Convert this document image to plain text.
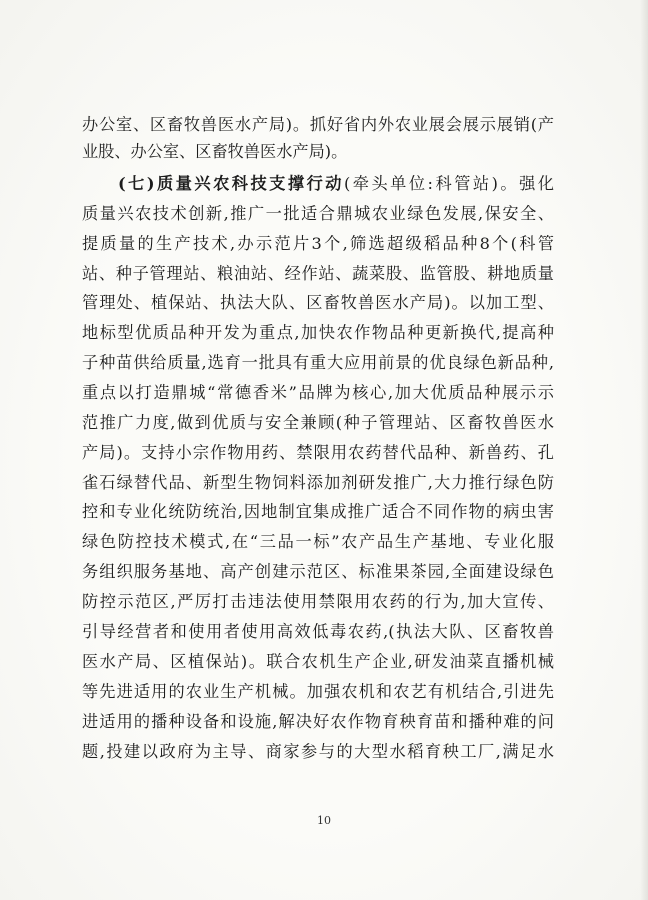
办公室、区畜牧兽医水产局)。抓好省内外农业展会展示展销(产
业股、办公室、区畜牧兽医水产局)。
(七)质量兴农科技支撑行动(牵头单位:科管站)。强化
质量兴农技术创新,推广一批适合鼎城农业绿色发展,保安全、
提质量的生产技术,办示范片3个,筛选超级稻品种8个(科管
站、种子管理站、粮油站、经作站、蔬菜股、监管股、耕地质量
管理处、植保站、执法大队、区畜牧兽医水产局)。以加工型、
地标型优质品种开发为重点,加快农作物品种更新换代,提高种
子种苗供给质量,选育一批具有重大应用前景的优良绿色新品种,
重点以打造鼎城“常德香米”品牌为核心,加大优质品种展示示
范推广力度,做到优质与安全兼顾(种子管理站、区畜牧兽医水
产局)。支持小宗作物用药、禁限用农药替代品种、新兽药、孔
雀石绿替代品、新型生物饲料添加剂研发推广,大力推行绿色防
控和专业化统防统治,因地制宜集成推广适合不同作物的病虫害
绿色防控技术模式,在“三品一标”农产品生产基地、专业化服
务组织服务基地、高产创建示范区、标准果茶园,全面建设绿色
防控示范区,严厉打击违法使用禁限用农药的行为,加大宣传、
引导经营者和使用者使用高效低毒农药,(执法大队、区畜牧兽
医水产局、区植保站)。联合农机生产企业,研发油菜直播机械
等先进适用的农业生产机械。加强农机和农艺有机结合,引进先
进适用的播种设备和设施,解决好农作物育秧育苗和播种难的问
题,投建以政府为主导、商家参与的大型水稻育秧工厂,满足水
10
